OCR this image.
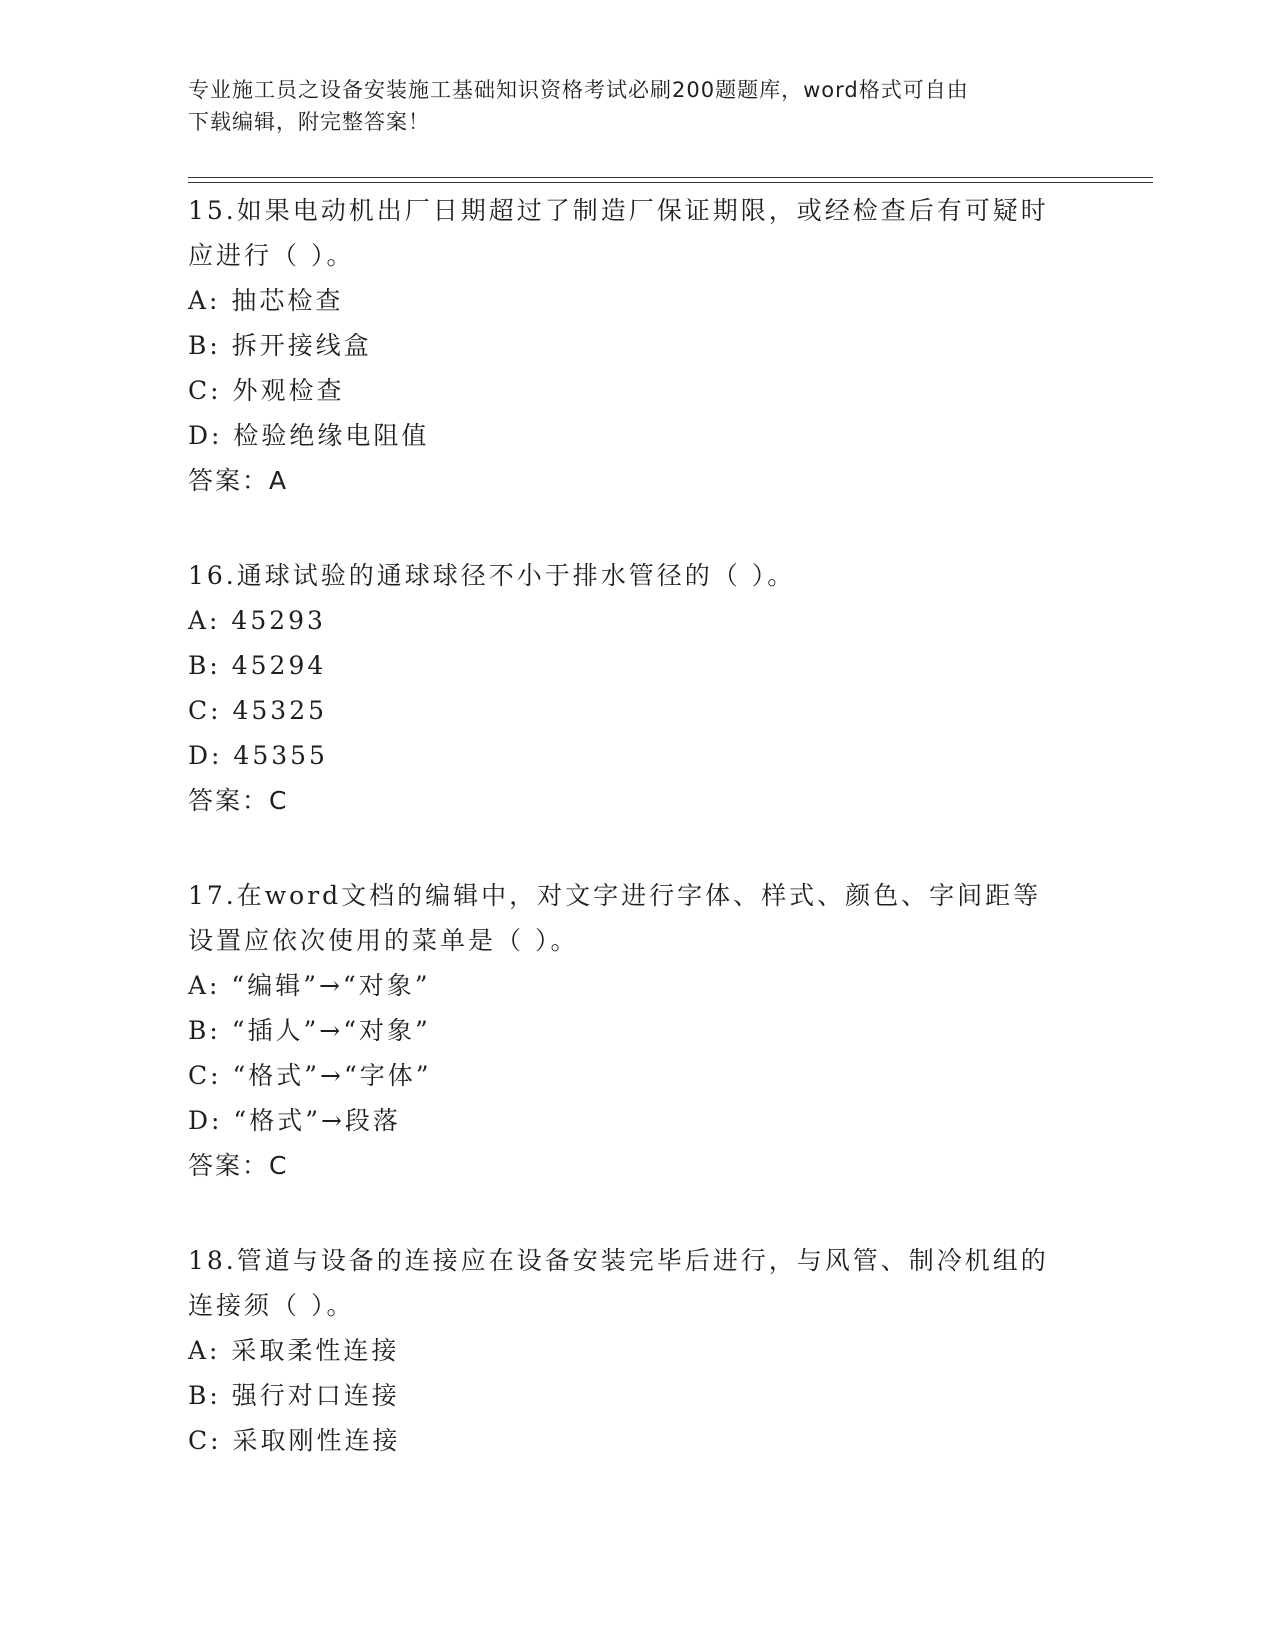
专业施工员之设备安装施工基础知识资格考试必刷200题题库，word格式可自由
下载编辑，附完整答案！
15.如果电动机出厂日期超过了制造厂保证期限，或经检查后有可疑时
应进行（ ）。
A: 抽芯检查
B: 拆开接线盒
C: 外观检查
D: 检验绝缘电阻值
答案：A
16.通球试验的通球球径不小于排水管径的（ ）。
A: 45293
B: 45294
C: 45325
D: 45355
答案：C
17.在word文档的编辑中，对文字进行字体、样式、颜色、字间距等
设置应依次使用的菜单是（ ）。
A: “编辑”→“对象”
B: “插人”→“对象”
C: “格式”→“字体”
D: “格式”→段落
答案：C
18.管道与设备的连接应在设备安装完毕后进行，与风管、制冷机组的
连接须（ ）。
A: 采取柔性连接
B: 强行对口连接
C: 采取刚性连接
